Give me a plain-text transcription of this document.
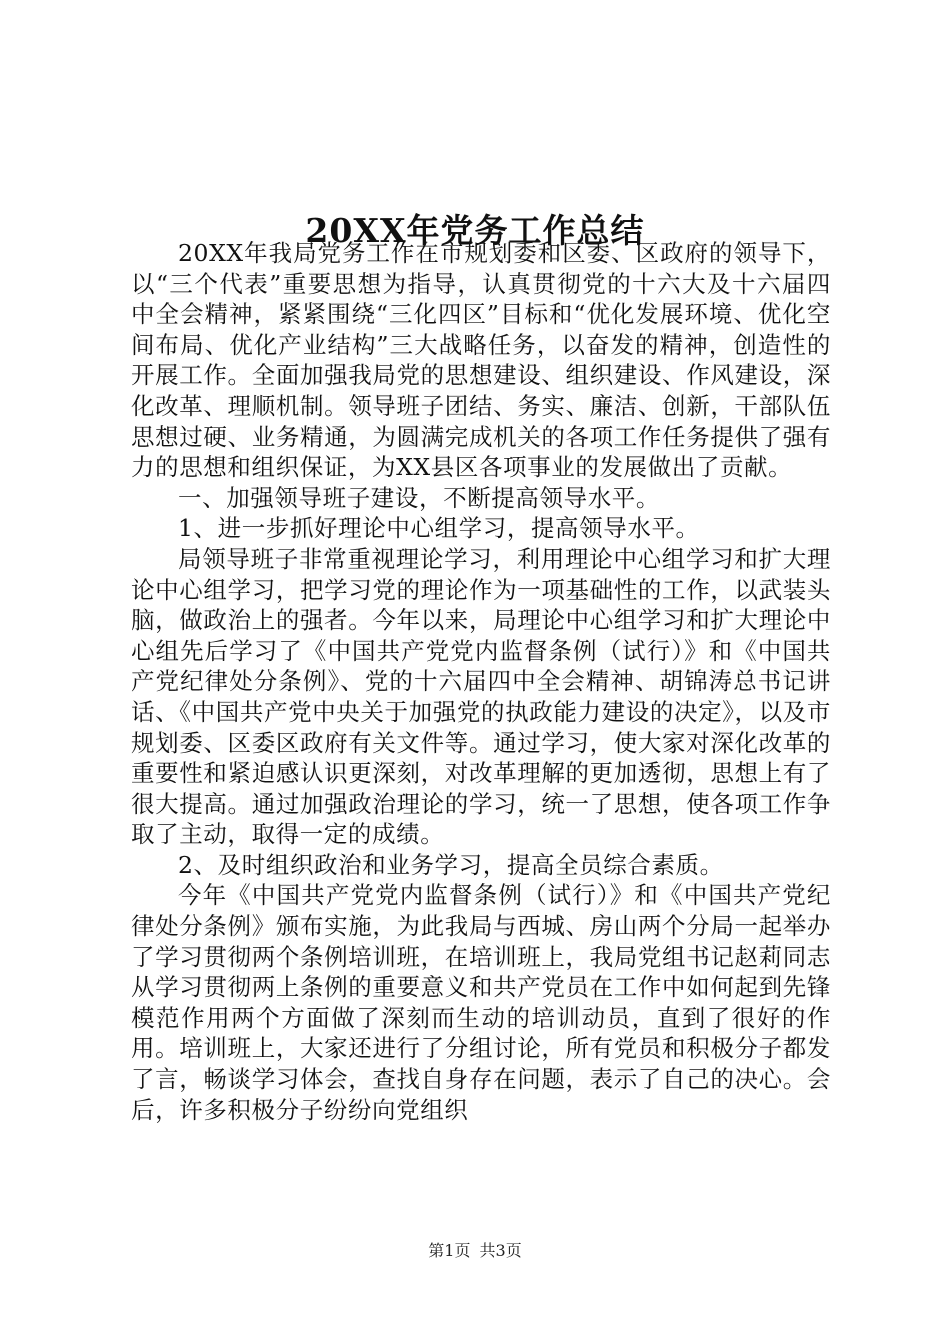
20XX年党务工作总结

20XX年我局党务工作在市规划委和区委、区政府的领导下，以“三个代表”重要思想为指导，认真贯彻党的十六大及十六届四中全会精神，紧紧围绕“三化四区”目标和“优化发展环境、优化空间布局、优化产业结构”三大战略任务，以奋发的精神，创造性的开展工作。全面加强我局党的思想建设、组织建设、作风建设，深化改革、理顺机制。领导班子团结、务实、廉洁、创新，干部队伍思想过硬、业务精通，为圆满完成机关的各项工作任务提供了强有力的思想和组织保证，为XX县区各项事业的发展做出了贡献。

一、加强领导班子建设，不断提高领导水平。

1、进一步抓好理论中心组学习，提高领导水平。

局领导班子非常重视理论学习，利用理论中心组学习和扩大理论中心组学习，把学习党的理论作为一项基础性的工作，以武装头脑，做政治上的强者。今年以来，局理论中心组学习和扩大理论中心组先后学习了《中国共产党党内监督条例（试行）》和《中国共产党纪律处分条例》、党的十六届四中全会精神、胡锦涛总书记讲话、《中国共产党中央关于加强党的执政能力建设的决定》，以及市规划委、区委区政府有关文件等。通过学习，使大家对深化改革的重要性和紧迫感认识更深刻，对改革理解的更加透彻，思想上有了很大提高。通过加强政治理论的学习，统一了思想，使各项工作争取了主动，取得一定的成绩。

2、及时组织政治和业务学习，提高全员综合素质。

今年《中国共产党党内监督条例（试行）》和《中国共产党纪律处分条例》颁布实施，为此我局与西城、房山两个分局一起举办了学习贯彻两个条例培训班，在培训班上，我局党组书记赵莉同志从学习贯彻两上条例的重要意义和共产党员在工作中如何起到先锋模范作用两个方面做了深刻而生动的培训动员，直到了很好的作用。培训班上，大家还进行了分组讨论，所有党员和积极分子都发了言，畅谈学习体会，查找自身存在问题，表示了自己的决心。会后，许多积极分子纷纷向党组织

第1页 共3页
